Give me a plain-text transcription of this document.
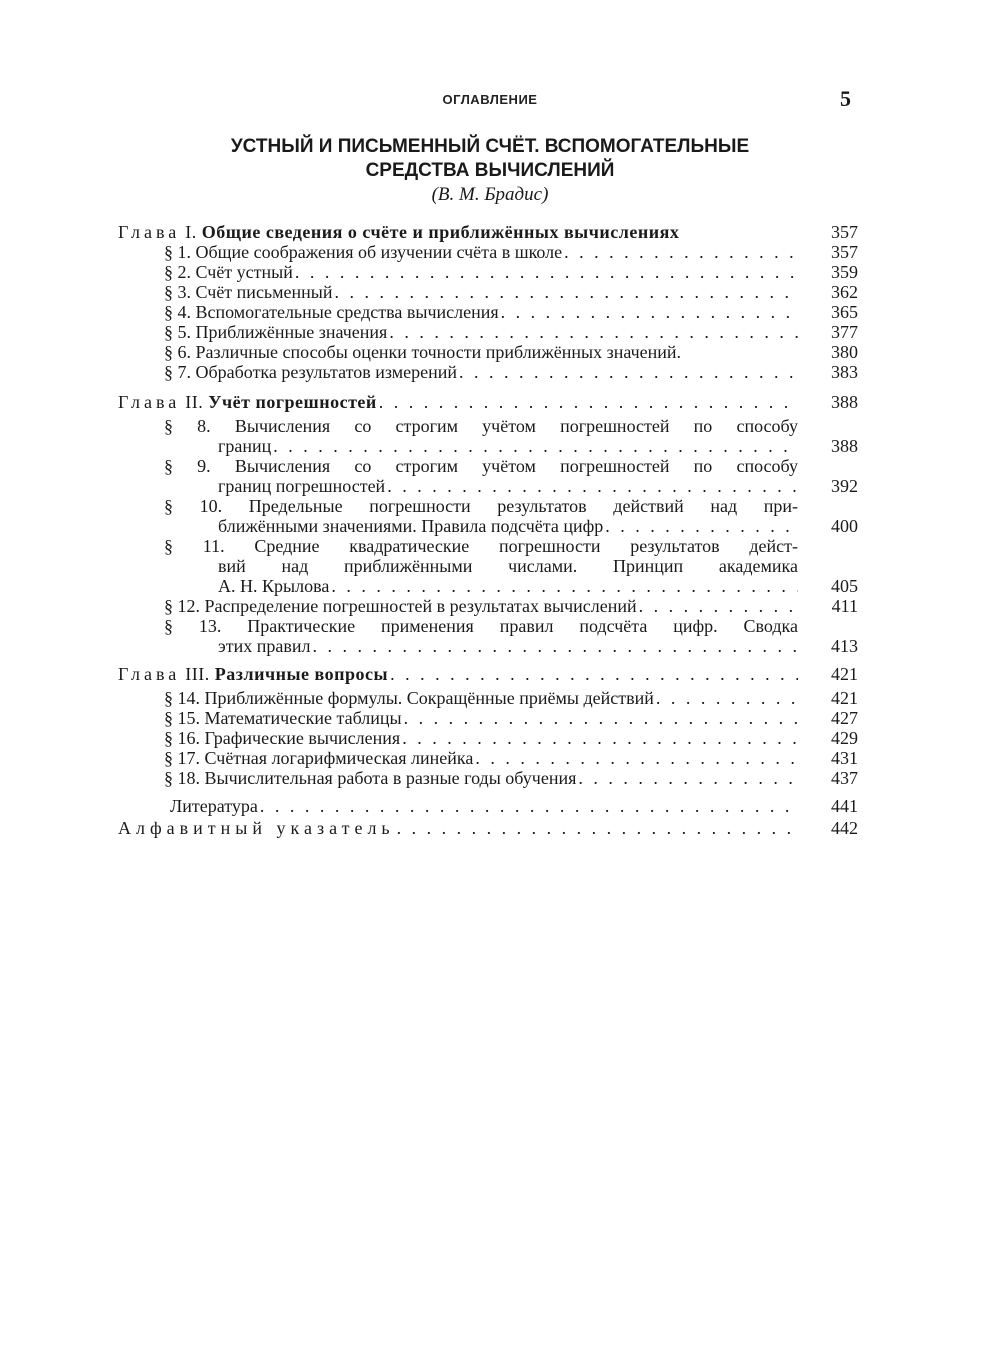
ОГЛАВЛЕНИЕ	5
УСТНЫЙ И ПИСЬМЕННЫЙ СЧЁТ. ВСПОМОГАТЕЛЬНЫЕ
СРЕДСТВА ВЫЧИСЛЕНИЙ
(В. М. Брадис)
Глава I. Общие сведения о счёте и приближённых вычислениях	357
§ 1. Общие соображения об изучении счёта в школе . . .	357
§ 2. Счёт устный . . .	359
§ 3. Счёт письменный . . .	362
§ 4. Вспомогательные средства вычисления . . .	365
§ 5. Приближённые значения . . .	377
§ 6. Различные способы оценки точности приближённых значений.	380
§ 7. Обработка результатов измерений . . .	383
Глава II. Учёт погрешностей . . .	388
§ 8. Вычисления со строгим учётом погрешностей по способу
границ . . .	388
§ 9. Вычисления со строгим учётом погрешностей по способу
границ погрешностей . . .	392
§ 10. Предельные погрешности результатов действий над при-
ближёнными значениями. Правила подсчёта цифр . . .	400
§ 11. Средние квадратические погрешности результатов дейст-
вий над приближёнными числами. Принцип академика
А. Н. Крылова . . .	405
§ 12. Распределение погрешностей в результатах вычислений . . .	411
§ 13. Практические применения правил подсчёта цифр. Сводка
этих правил . . .	413
Глава III. Различные вопросы . . .	421
§ 14. Приближённые формулы. Сокращённые приёмы действий . . .	421
§ 15. Математические таблицы . . .	427
§ 16. Графические вычисления . . .	429
§ 17. Счётная логарифмическая линейка . . .	431
§ 18. Вычислительная работа в разные годы обучения . . .	437
Литература . . .	441
Алфавитный указатель . . .	442
